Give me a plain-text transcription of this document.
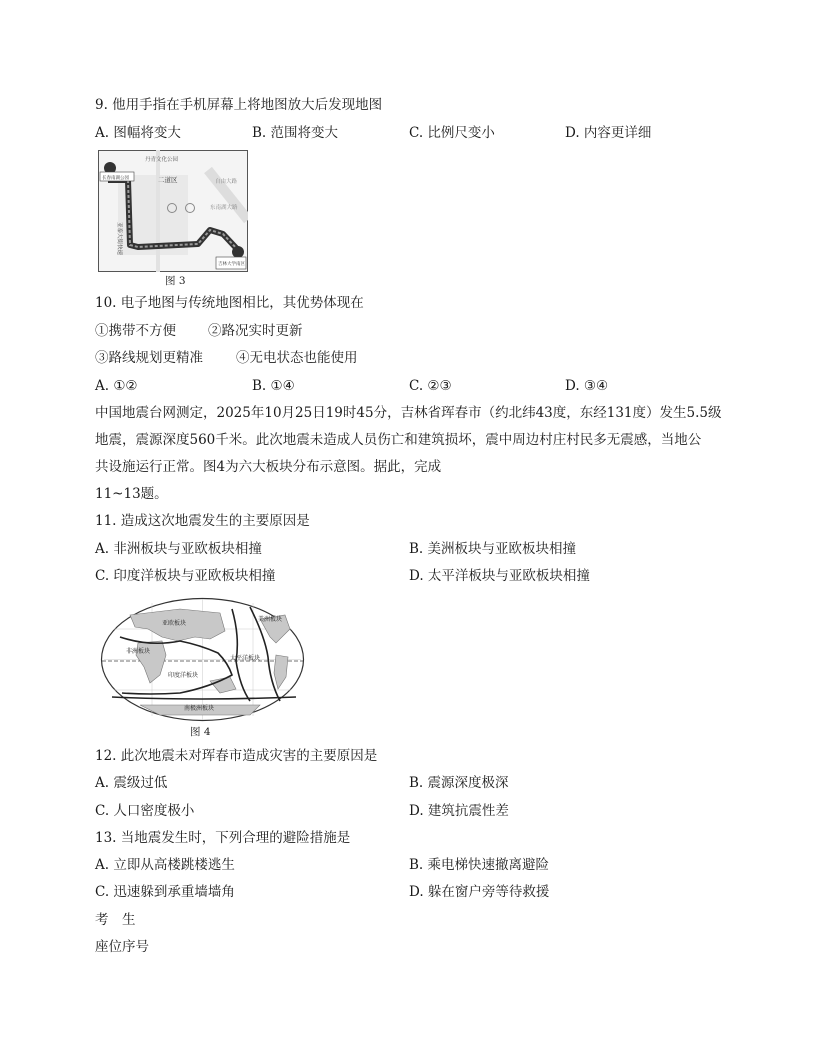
9. 他用手指在手机屏幕上将地图放大后发现地图
A. 图幅将变大	B. 范围将变大	C. 比例尺变小	D. 内容更详细
丹青文化公园
二道区	自由大路
东南湖大路
长春南湖公园
吉林大学南区
亚泰大街快速
图 3
10. 电子地图与传统地图相比，其优势体现在
①携带不方便 ②路况实时更新
③路线规划更精准 ④无电状态也能使用
A. ①②	B. ①④	C. ②③	D. ③④
中国地震台网测定，2025年10月25日19时45分，吉林省珲春市（约北纬43度，东经131度）发生5.5级
地震，震源深度560千米。此次地震未造成人员伤亡和建筑损坏，震中周边村庄村民多无震感，当地公
共设施运行正常。图4为六大板块分布示意图。据此，完成
11~13题。
11. 造成这次地震发生的主要原因是
A. 非洲板块与亚欧板块相撞	B. 美洲板块与亚欧板块相撞
C. 印度洋板块与亚欧板块相撞	D. 太平洋板块与亚欧板块相撞
亚欧板块
美洲板块
非洲板块
太平洋板块
印度洋板块
南极洲板块
图 4
12. 此次地震未对珲春市造成灾害的主要原因是
A. 震级过低	B. 震源深度极深
C. 人口密度极小	D. 建筑抗震性差
13. 当地震发生时，下列合理的避险措施是
A. 立即从高楼跳楼逃生	B. 乘电梯快速撤离避险
C. 迅速躲到承重墙墙角	D. 躲在窗户旁等待救援
考　生
座位序号
